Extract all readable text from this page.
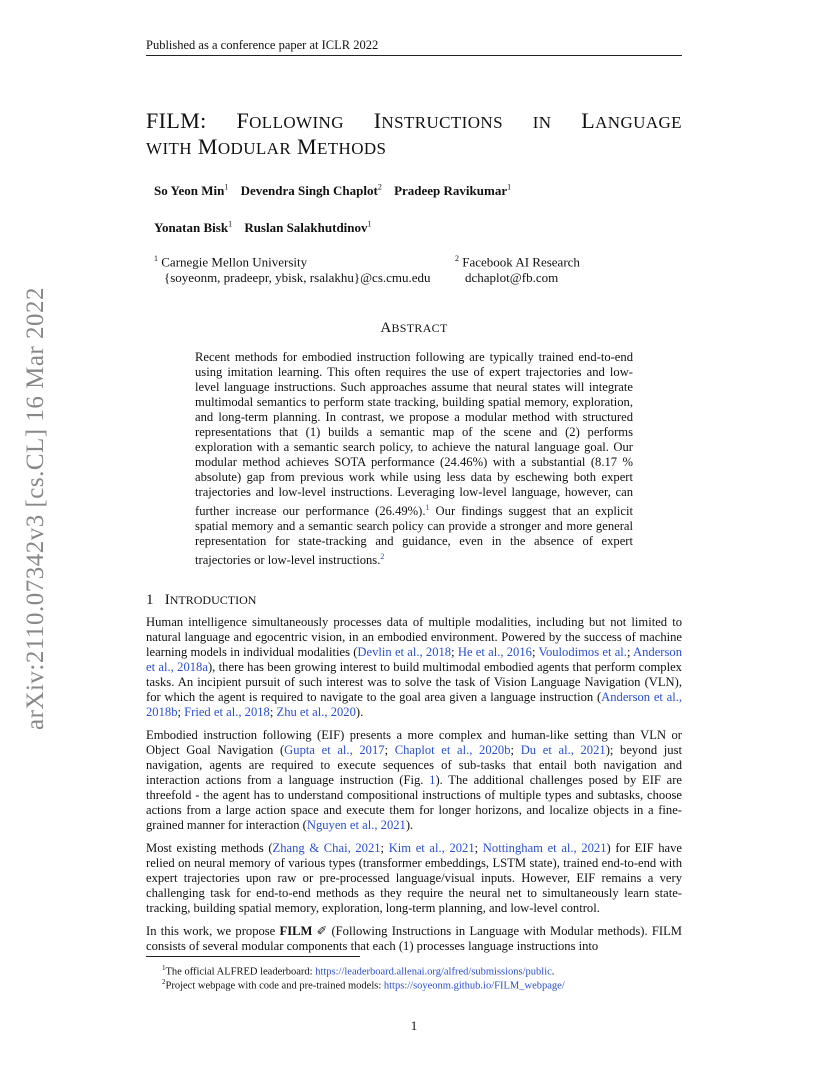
Published as a conference paper at ICLR 2022
arXiv:2110.07342v3 [cs.CL] 16 Mar 2022
FILM: FOLLOWING INSTRUCTIONS IN LANGUAGE
WITH MODULAR METHODS
So Yeon Min$^1$ Devendra Singh Chaplot$^2$ Pradeep Ravikumar$^1$
Yonatan Bisk$^1$ Ruslan Salakhutdinov$^1$
$^1$ Carnegie Mellon University
{soyeonm, pradeepr, ybisk, rsalakhu}@cs.cmu.edu
$^2$ Facebook AI Research
dchaplot@fb.com
ABSTRACT
Recent methods for embodied instruction following are typically trained end-to-end using imitation learning. This often requires the use of expert trajectories and low-level language instructions. Such approaches assume that neural states will integrate multimodal semantics to perform state tracking, building spatial memory, exploration, and long-term planning. In contrast, we propose a modular method with structured representations that (1) builds a semantic map of the scene and (2) performs exploration with a semantic search policy, to achieve the natural language goal. Our modular method achieves SOTA performance (24.46%) with a substantial (8.17 % absolute) gap from previous work while using less data by eschewing both expert trajectories and low-level instructions. Leveraging low-level language, however, can further increase our performance (26.49%).$^1$ Our findings suggest that an explicit spatial memory and a semantic search policy can provide a stronger and more general representation for state-tracking and guidance, even in the absence of expert trajectories or low-level instructions.$^2$
1 INTRODUCTION

Human intelligence simultaneously processes data of multiple modalities, including but not limited to natural language and egocentric vision, in an embodied environment. Powered by the success of machine learning models in individual modalities (Devlin et al., 2018; He et al., 2016; Voulodimos et al.; Anderson et al., 2018a), there has been growing interest to build multimodal embodied agents that perform complex tasks. An incipient pursuit of such interest was to solve the task of Vision Language Navigation (VLN), for which the agent is required to navigate to the goal area given a language instruction (Anderson et al., 2018b; Fried et al., 2018; Zhu et al., 2020).

Embodied instruction following (EIF) presents a more complex and human-like setting than VLN or Object Goal Navigation (Gupta et al., 2017; Chaplot et al., 2020b; Du et al., 2021); beyond just navigation, agents are required to execute sequences of sub-tasks that entail both navigation and interaction actions from a language instruction (Fig. 1). The additional challenges posed by EIF are threefold - the agent has to understand compositional instructions of multiple types and subtasks, choose actions from a large action space and execute them for longer horizons, and localize objects in a fine-grained manner for interaction (Nguyen et al., 2021).

Most existing methods (Zhang & Chai, 2021; Kim et al., 2021; Nottingham et al., 2021) for EIF have relied on neural memory of various types (transformer embeddings, LSTM state), trained end-to-end with expert trajectories upon raw or pre-processed language/visual inputs. However, EIF remains a very challenging task for end-to-end methods as they require the neural net to simultaneously learn state-tracking, building spatial memory, exploration, long-term planning, and low-level control.

In this work, we propose FILM ✐ (Following Instructions in Language with Modular methods). FILM consists of several modular components that each (1) processes language instructions into

$^1$The official ALFRED leaderboard: https://leaderboard.allenai.org/alfred/submissions/public.
$^2$Project webpage with code and pre-trained models: https://soyeonm.github.io/FILM_webpage/
1
